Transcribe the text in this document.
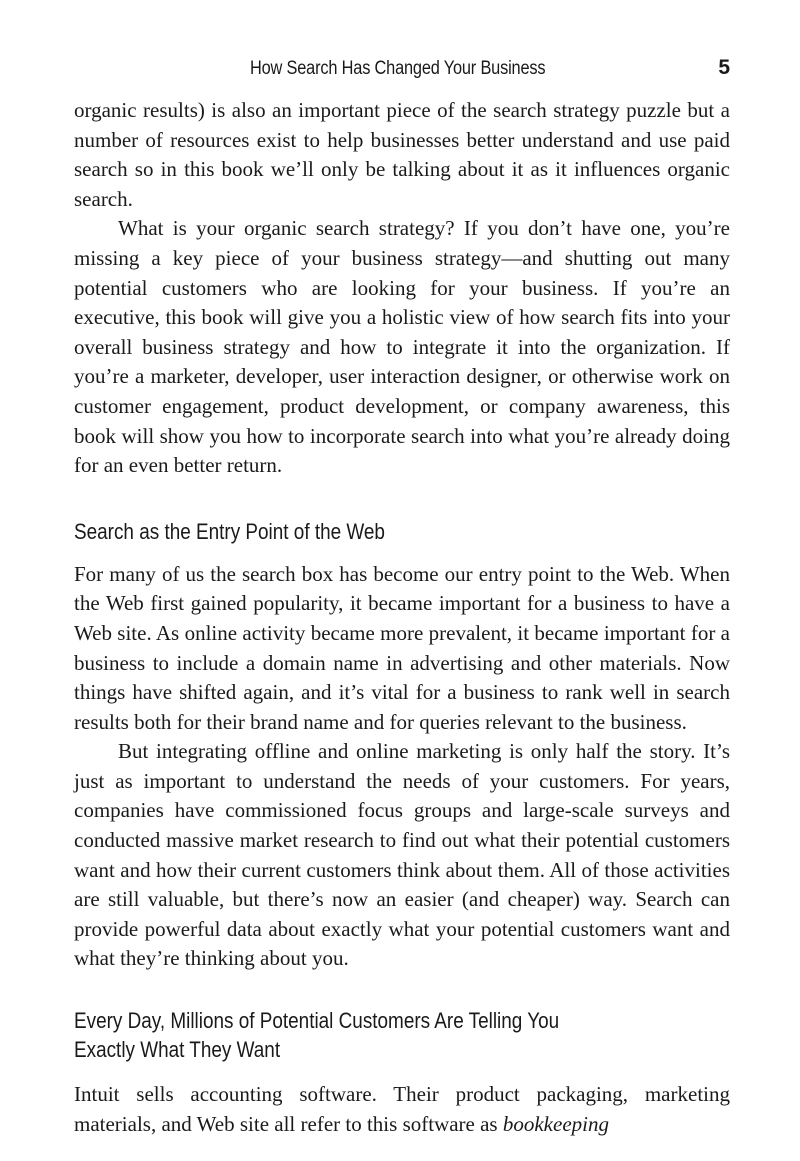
How Search Has Changed Your Business	5

organic results) is also an important piece of the search strategy puzzle but a number of resources exist to help businesses better understand and use paid search so in this book we’ll only be talking about it as it influences organic search.

What is your organic search strategy? If you don’t have one, you’re missing a key piece of your business strategy—and shutting out many potential customers who are looking for your business. If you’re an executive, this book will give you a holistic view of how search fits into your overall business strategy and how to integrate it into the organization. If you’re a marketer, developer, user interaction designer, or otherwise work on customer engagement, product development, or company awareness, this book will show you how to incorporate search into what you’re already doing for an even better return.

Search as the Entry Point of the Web

For many of us the search box has become our entry point to the Web. When the Web first gained popularity, it became important for a business to have a Web site. As online activity became more prevalent, it became important for a business to include a domain name in advertising and other materials. Now things have shifted again, and it’s vital for a business to rank well in search results both for their brand name and for queries relevant to the business.

But integrating offline and online marketing is only half the story. It’s just as important to understand the needs of your customers. For years, companies have commissioned focus groups and large-scale surveys and conducted massive market research to find out what their potential customers want and how their current customers think about them. All of those activities are still valuable, but there’s now an easier (and cheaper) way. Search can provide powerful data about exactly what your potential customers want and what they’re thinking about you.

Every Day, Millions of Potential Customers Are Telling You
Exactly What They Want

Intuit sells accounting software. Their product packaging, marketing materials, and Web site all refer to this software as bookkeeping
